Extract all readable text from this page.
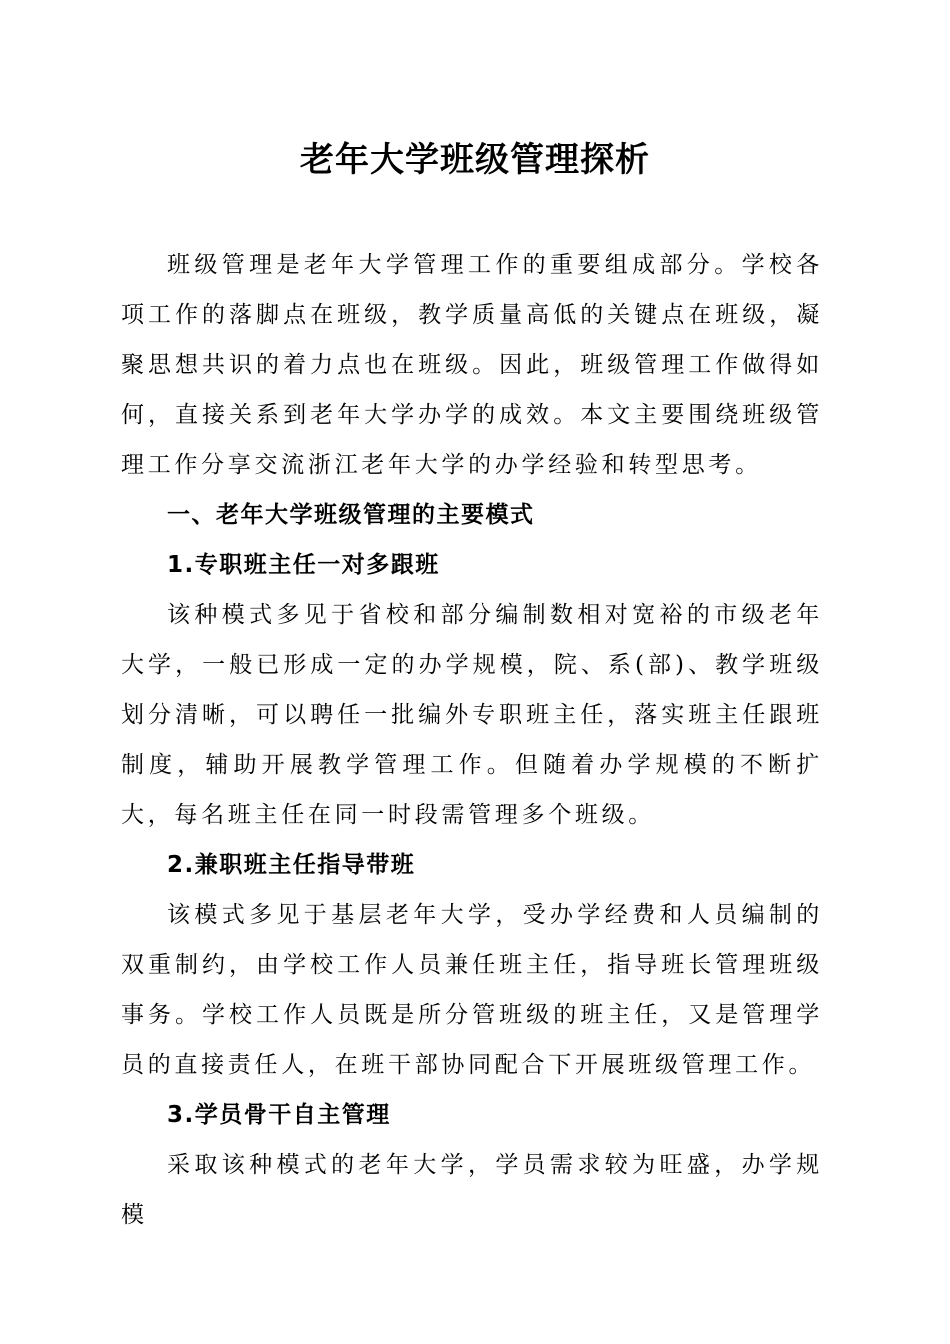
老年大学班级管理探析

班级管理是老年大学管理工作的重要组成部分。学校各项工作的落脚点在班级，教学质量高低的关键点在班级，凝聚思想共识的着力点也在班级。因此，班级管理工作做得如何，直接关系到老年大学办学的成效。本文主要围绕班级管理工作分享交流浙江老年大学的办学经验和转型思考。

一、老年大学班级管理的主要模式

1.专职班主任一对多跟班

该种模式多见于省校和部分编制数相对宽裕的市级老年大学，一般已形成一定的办学规模，院、系(部)、教学班级划分清晰，可以聘任一批编外专职班主任，落实班主任跟班制度，辅助开展教学管理工作。但随着办学规模的不断扩大，每名班主任在同一时段需管理多个班级。

2.兼职班主任指导带班

该模式多见于基层老年大学，受办学经费和人员编制的双重制约，由学校工作人员兼任班主任，指导班长管理班级事务。学校工作人员既是所分管班级的班主任，又是管理学员的直接责任人，在班干部协同配合下开展班级管理工作。

3.学员骨干自主管理

采取该种模式的老年大学，学员需求较为旺盛，办学规模
